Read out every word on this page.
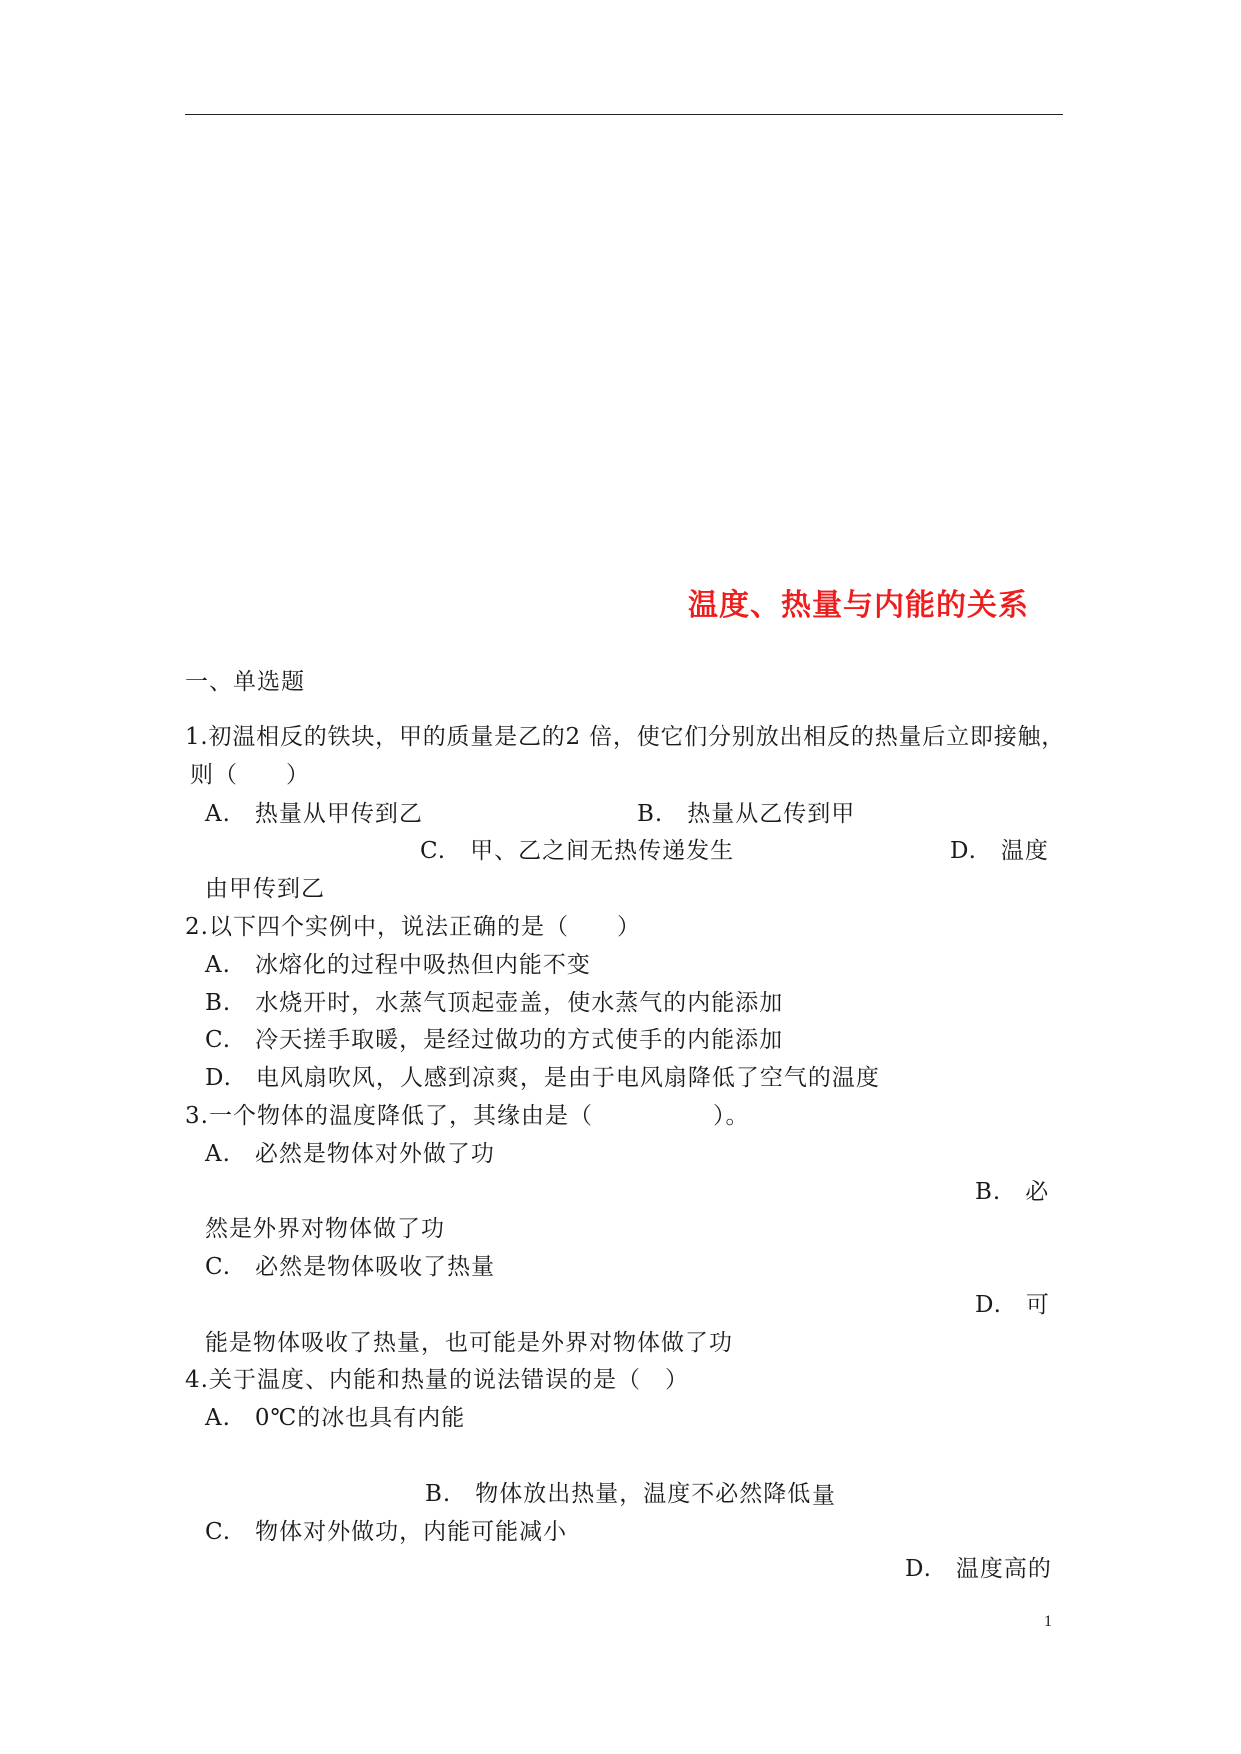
温度、热量与内能的关系
一、单选题
1.初温相反的铁块，甲的质量是乙的2 倍，使它们分别放出相反的热量后立即接触，
则（　　）
A.　热量从甲传到乙	B.　热量从乙传到甲
C.　甲、乙之间无热传递发生	D.　温度
由甲传到乙
2.以下四个实例中，说法正确的是（　　）
A.　冰熔化的过程中吸热但内能不变
B.　水烧开时，水蒸气顶起壶盖，使水蒸气的内能添加
C.　冷天搓手取暖，是经过做功的方式使手的内能添加
D.　电风扇吹风，人感到凉爽，是由于电风扇降低了空气的温度
3.一个物体的温度降低了，其缘由是（　　　　　）。
A.　必然是物体对外做了功
B.　必
然是外界对物体做了功
C.　必然是物体吸收了热量
D.　可
能是物体吸收了热量，也可能是外界对物体做了功
4.关于温度、内能和热量的说法错误的是（　）
A.　0℃的冰也具有内能
B.　物体放出热量，温度不必然降低 量
C.　物体对外做功，内能可能减小
D.　温度高的
1
